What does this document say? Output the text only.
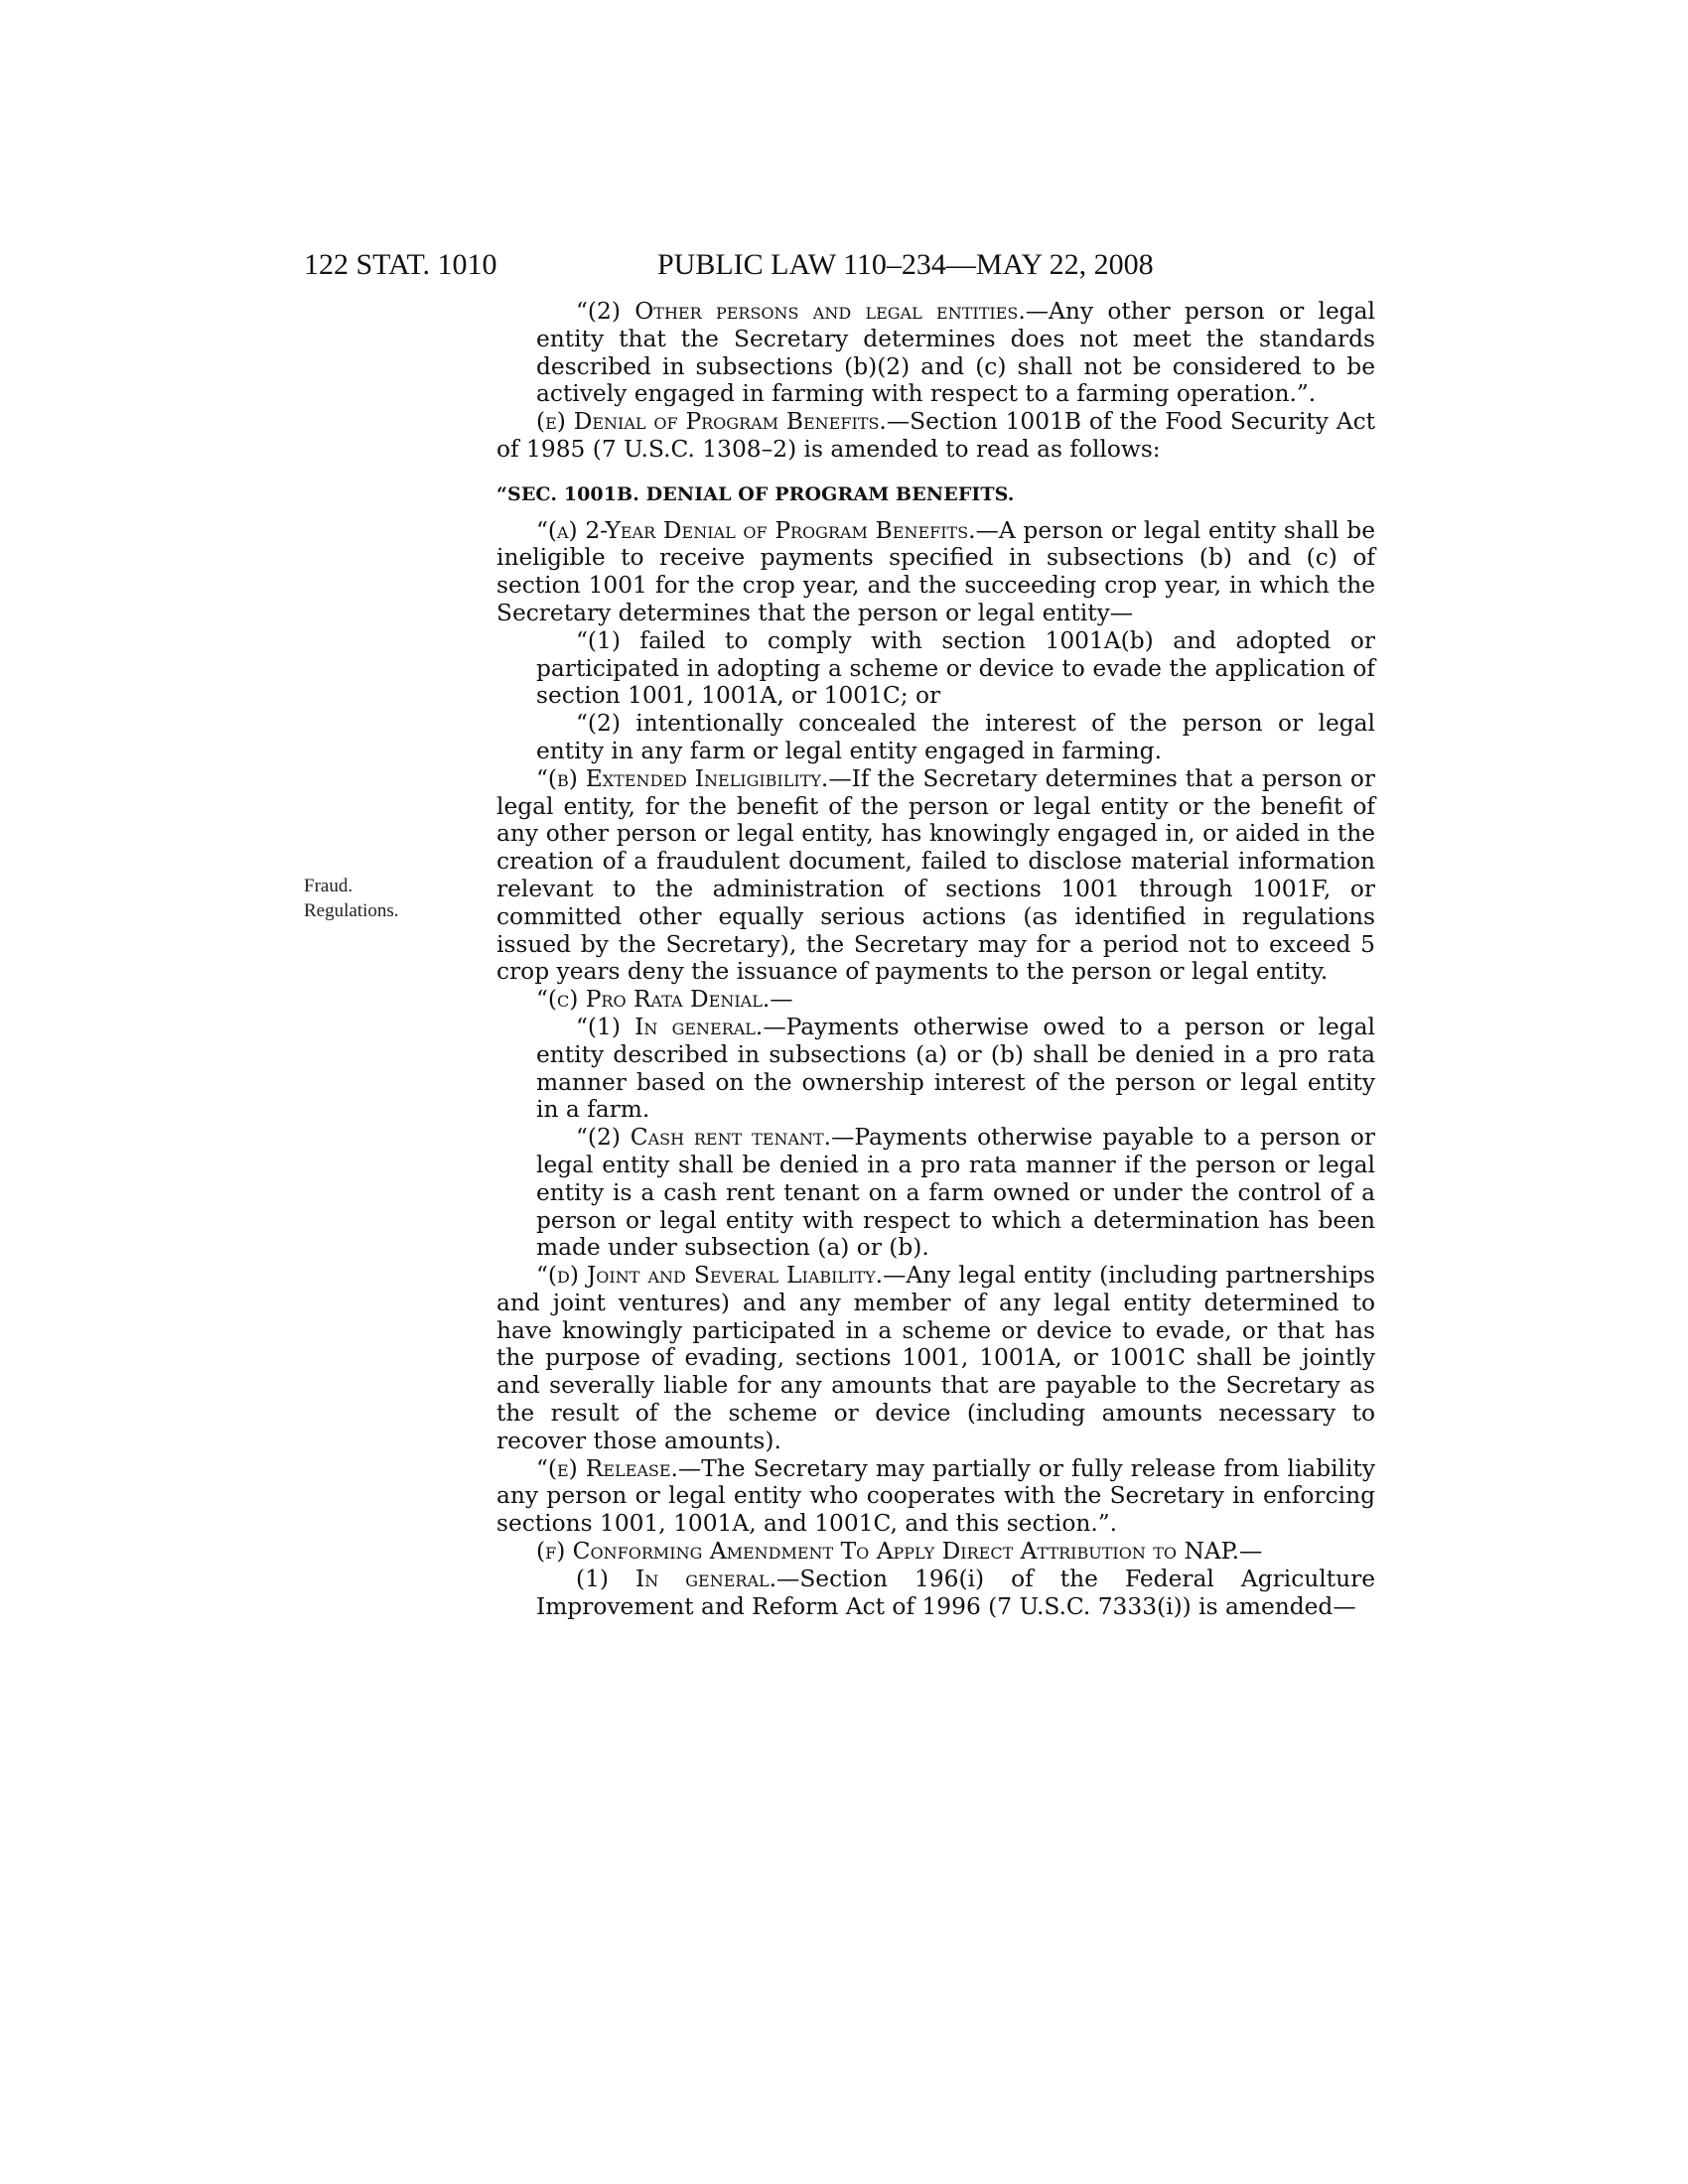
122 STAT. 1010	PUBLIC LAW 110–234—MAY 22, 2008
Fraud.
Regulations.

“(2) Other persons and legal entities.—Any other person or legal entity that the Secretary determines does not meet the standards described in subsections (b)(2) and (c) shall not be considered to be actively engaged in farming with respect to a farming operation.”.

(e) Denial of Program Benefits.—Section 1001B of the Food Security Act of 1985 (7 U.S.C. 1308–2) is amended to read as follows:

“SEC. 1001B. DENIAL OF PROGRAM BENEFITS.

“(a) 2-Year Denial of Program Benefits.—A person or legal entity shall be ineligible to receive payments specified in subsections (b) and (c) of section 1001 for the crop year, and the succeeding crop year, in which the Secretary determines that the person or legal entity—

“(1) failed to comply with section 1001A(b) and adopted or participated in adopting a scheme or device to evade the application of section 1001, 1001A, or 1001C; or

“(2) intentionally concealed the interest of the person or legal entity in any farm or legal entity engaged in farming.

“(b) Extended Ineligibility.—If the Secretary determines that a person or legal entity, for the benefit of the person or legal entity or the benefit of any other person or legal entity, has knowingly engaged in, or aided in the creation of a fraudulent document, failed to disclose material information relevant to the administration of sections 1001 through 1001F, or committed other equally serious actions (as identified in regulations issued by the Secretary), the Secretary may for a period not to exceed 5 crop years deny the issuance of payments to the person or legal entity.

“(c) Pro Rata Denial.—

“(1) In general.—Payments otherwise owed to a person or legal entity described in subsections (a) or (b) shall be denied in a pro rata manner based on the ownership interest of the person or legal entity in a farm.

“(2) Cash rent tenant.—Payments otherwise payable to a person or legal entity shall be denied in a pro rata manner if the person or legal entity is a cash rent tenant on a farm owned or under the control of a person or legal entity with respect to which a determination has been made under subsection (a) or (b).

“(d) Joint and Several Liability.—Any legal entity (including partnerships and joint ventures) and any member of any legal entity determined to have knowingly participated in a scheme or device to evade, or that has the purpose of evading, sections 1001, 1001A, or 1001C shall be jointly and severally liable for any amounts that are payable to the Secretary as the result of the scheme or device (including amounts necessary to recover those amounts).

“(e) Release.—The Secretary may partially or fully release from liability any person or legal entity who cooperates with the Secretary in enforcing sections 1001, 1001A, and 1001C, and this section.”.

(f) Conforming Amendment To Apply Direct Attribution to NAP.—

(1) In general.—Section 196(i) of the Federal Agriculture Improvement and Reform Act of 1996 (7 U.S.C. 7333(i)) is amended—
